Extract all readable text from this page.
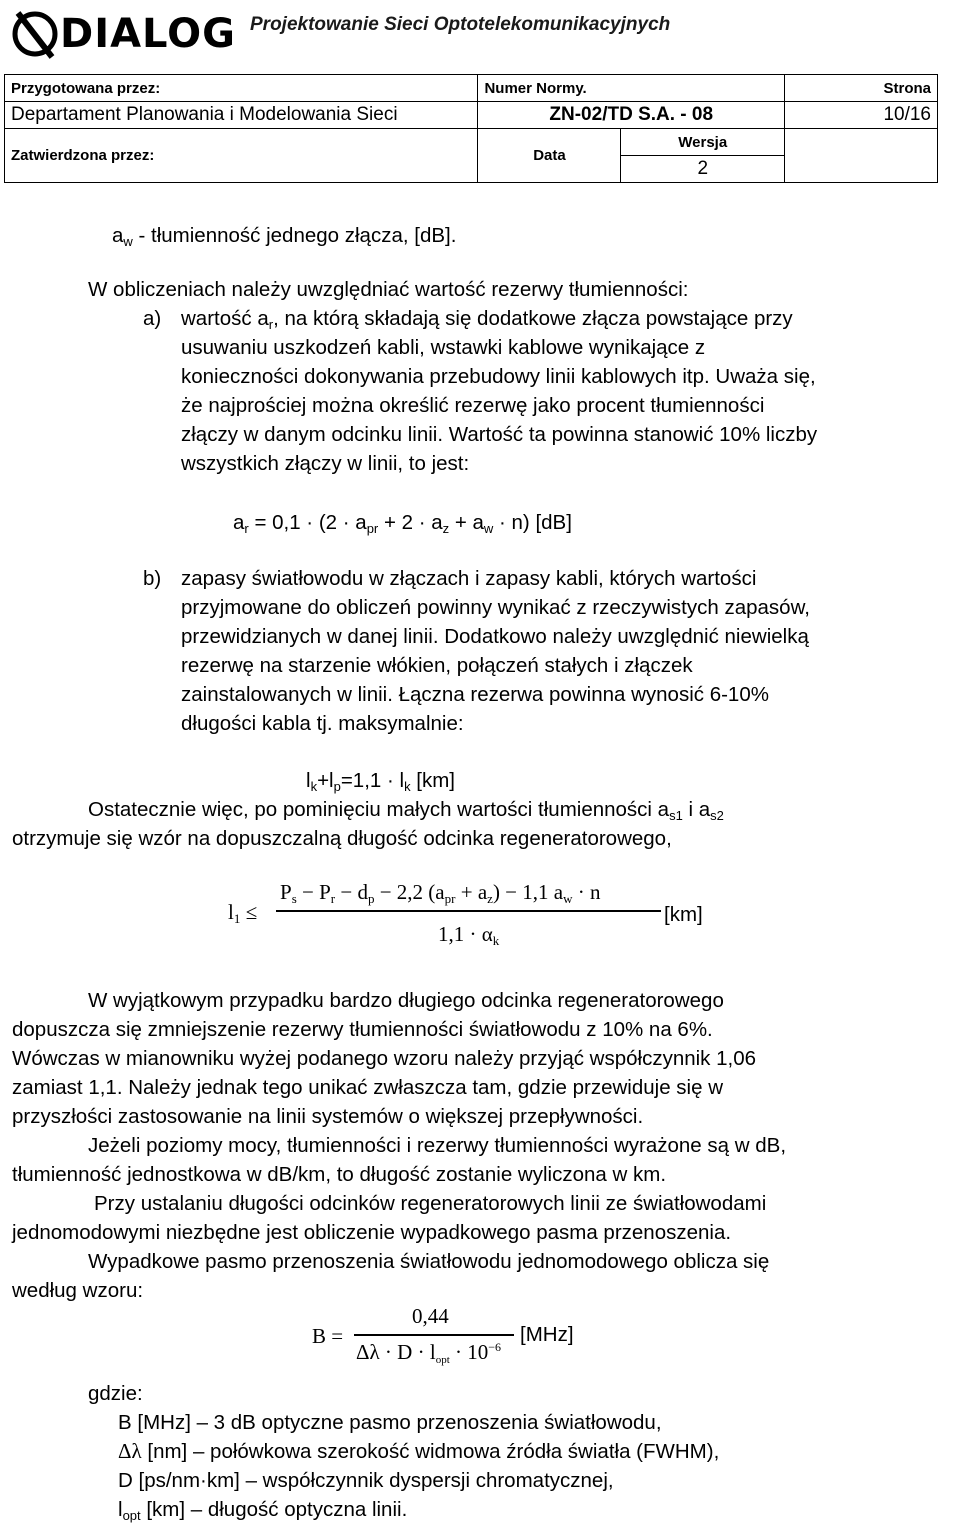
DIALOG Projektowanie Sieci Optotelekomunikacyjnych
Przygotowana przez:	Numer Normy.		Strona
Departament Planowania i Modelowania Sieci	ZN-02/TD S.A. - 08		10/16
Zatwierdzona przez:	Data	Wersja	
		2	
$a_w$ - tłumienność jednego złącza, [dB].
W obliczeniach należy uwzględniać wartość rezerwy tłumienności:
a) wartość $a_r$, na którą składają się dodatkowe złącza powstające przy
usuwaniu uszkodzeń kabli, wstawki kablowe wynikające z
konieczności dokonywania przebudowy linii kablowych itp. Uważa się,
że najprościej można określić rezerwę jako procent tłumienności
złączy w danym odcinku linii. Wartość ta powinna stanowić 10% liczby
wszystkich złączy w linii, to jest:
$a_r = 0,1 \cdot (2 \cdot a_{pr} + 2 \cdot a_z + a_w \cdot n)$ [dB]
b) zapasy światłowodu w złączach i zapasy kabli, których wartości
przyjmowane do obliczeń powinny wynikać z rzeczywistych zapasów,
przewidzianych w danej linii. Dodatkowo należy uwzględnić niewielką
rezerwę na starzenie włókien, połączeń stałych i złączek
zainstalowanych w linii. Łączna rezerwa powinna wynosić 6-10%
długości kabla tj. maksymalnie:
$l_k+l_p=1,1 \cdot l_k$ [km]
Ostatecznie więc, po pominięciu małych wartości tłumienności $a_{s1}$ i $a_{s2}$
otrzymuje się wzór na dopuszczalną długość odcinka regeneratorowego,
$l_1$ ≤
$P_s - P_r - d_p - 2,2$ $(a_{pr} + a_z) - 1,1$ $a_w \cdot n$
$1,1 \cdot \alpha_k$
[km]
W wyjątkowym przypadku bardzo długiego odcinka regeneratorowego
dopuszcza się zmniejszenie rezerwy tłumienności światłowodu z 10% na 6%.
Wówczas w mianowniku wyżej podanego wzoru należy przyjąć współczynnik 1,06
zamiast 1,1. Należy jednak tego unikać zwłaszcza tam, gdzie przewiduje się w
przyszłości zastosowanie na linii systemów o większej przepływności.
Jeżeli poziomy mocy, tłumienności i rezerwy tłumienności wyrażone są w dB,
tłumienność jednostkowa w dB/km, to długość zostanie wyliczona w km.
Przy ustalaniu długości odcinków regeneratorowych linii ze światłowodami
jednomodowymi niezbędne jest obliczenie wypadkowego pasma przenoszenia.
Wypadkowe pasmo przenoszenia światłowodu jednomodowego oblicza się
według wzoru:
B =
0,44
$\Delta\lambda \cdot D \cdot l_{opt} \cdot 10^{-6}$
[MHz]
gdzie:
B [MHz] – 3 dB optyczne pasmo przenoszenia światłowodu,
Δλ [nm] – połówkowa szerokość widmowa źródła światła (FWHM),
D [ps/nm·km] – współczynnik dyspersji chromatycznej,
$l_{opt}$ [km] – długość optyczna linii.
